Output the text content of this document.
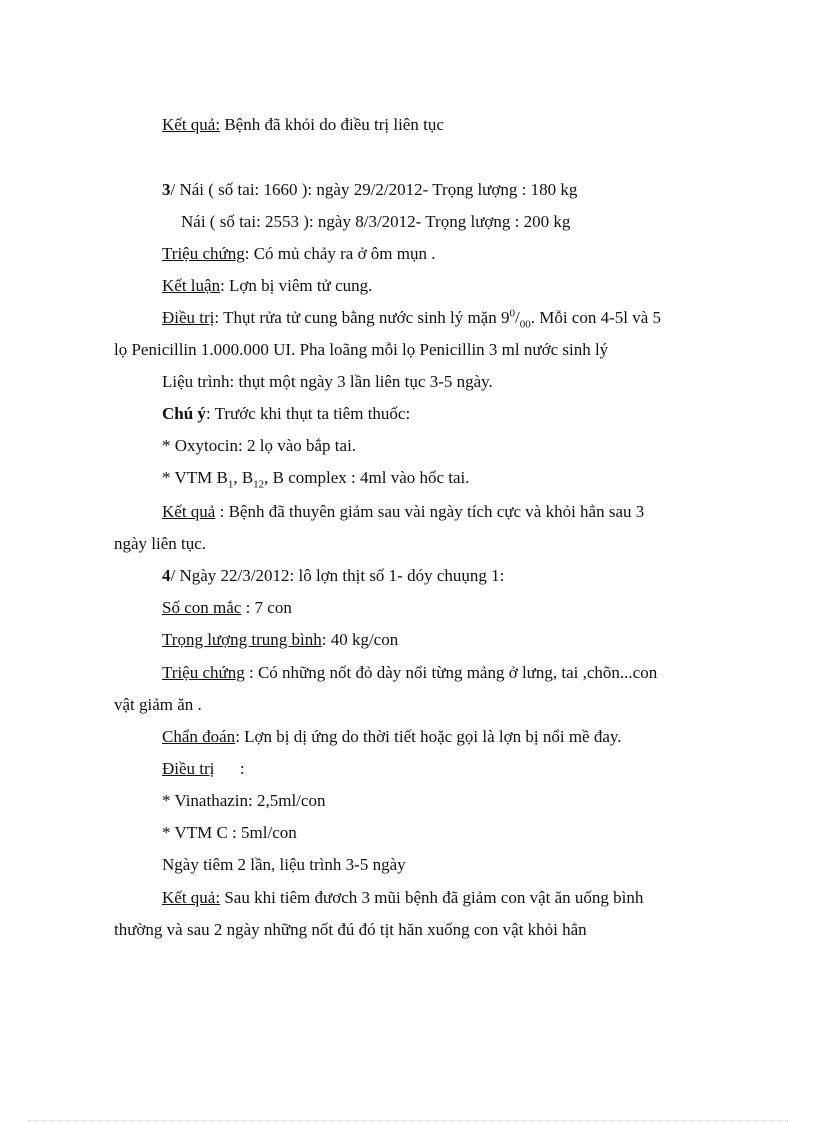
Kết quả: Bệnh đã khỏi do điều trị liên tục
3/ Nái ( số tai: 1660 ): ngày 29/2/2012- Trọng lượng : 180 kg
Nái ( số tai: 2553 ): ngày 8/3/2012- Trọng lượng : 200 kg
Triệu chứng: Có mủ chảy ra ở ôm mụn .
Kết luận: Lợn bị viêm tử cung.
Điều trị: Thụt rửa tử cung bằng nước sinh lý mặn $9^0/_{00}$. Mỗi con 4-5l và 5
lọ Penicillin 1.000.000 UI. Pha loãng mỗi lọ Penicillin 3 ml nước sinh lý
Liệu trình: thụt một ngày 3 lần liên tục 3-5 ngày.
Chú ý: Trước khi thụt ta tiêm thuốc:
* Oxytocin: 2 lọ vào bắp tai.
* VTM $B_1$, $B_{12}$, B complex : 4ml vào hốc tai.
Kết quả : Bệnh đã thuyên giảm sau vài ngày tích cực và khỏi hẳn sau 3
ngày liên tục.
4/ Ngày 22/3/2012: lô lợn thịt số 1- dóy chuụng 1:
Số con mắc : 7 con
Trọng lượng trung bình: 40 kg/con
Triệu chứng : Có những nốt đỏ dày nổi từng mảng ở lưng, tai ,chõn...con
vật giảm ăn .
Chẩn đoán: Lợn bị dị ứng do thời tiết hoặc gọi là lợn bị nổi mề đay.
Điều trị      :
* Vinathazin: 2,5ml/con
* VTM C : 5ml/con
Ngày tiêm 2 lần, liệu trình 3-5 ngày
Kết quả: Sau khi tiêm đươch 3 mũi bệnh đã giảm con vật ăn uống bình
thường và sau 2 ngày những nốt đú đó tịt hăn xuống con vật khỏi hẳn
